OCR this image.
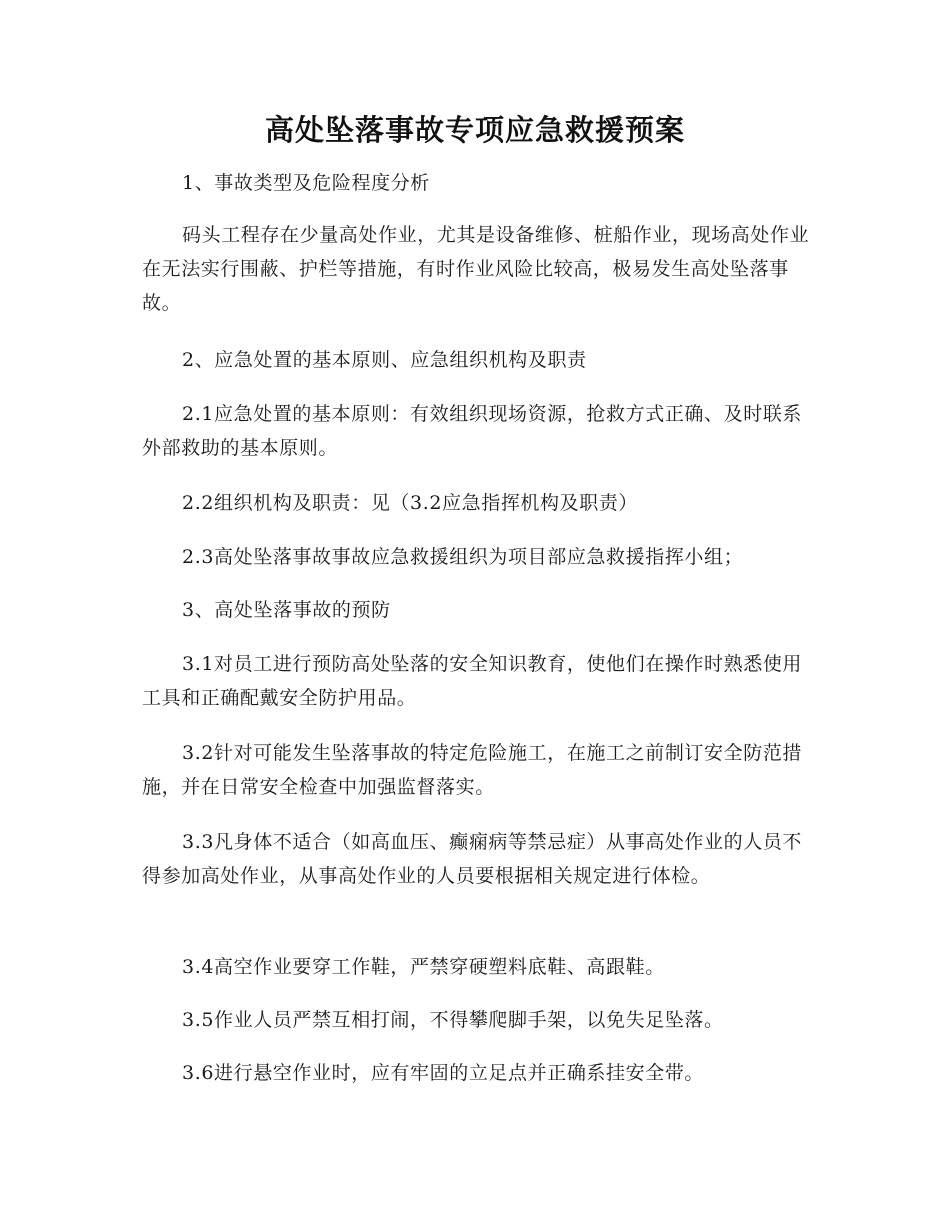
高处坠落事故专项应急救援预案

1、事故类型及危险程度分析

码头工程存在少量高处作业，尤其是设备维修、桩船作业，现场高处作业在无法实行围蔽、护栏等措施，有时作业风险比较高，极易发生高处坠落事故。

2、应急处置的基本原则、应急组织机构及职责

2.1应急处置的基本原则：有效组织现场资源，抢救方式正确、及时联系外部救助的基本原则。

2.2组织机构及职责：见（3.2应急指挥机构及职责）

2.3高处坠落事故事故应急救援组织为项目部应急救援指挥小组；

3、高处坠落事故的预防

3.1对员工进行预防高处坠落的安全知识教育，使他们在操作时熟悉使用工具和正确配戴安全防护用品。

3.2针对可能发生坠落事故的特定危险施工，在施工之前制订安全防范措施，并在日常安全检查中加强监督落实。

3.3凡身体不适合（如高血压、癫痫病等禁忌症）从事高处作业的人员不得参加高处作业，从事高处作业的人员要根据相关规定进行体检。

3.4高空作业要穿工作鞋，严禁穿硬塑料底鞋、高跟鞋。

3.5作业人员严禁互相打闹，不得攀爬脚手架，以免失足坠落。

3.6进行悬空作业时，应有牢固的立足点并正确系挂安全带。
